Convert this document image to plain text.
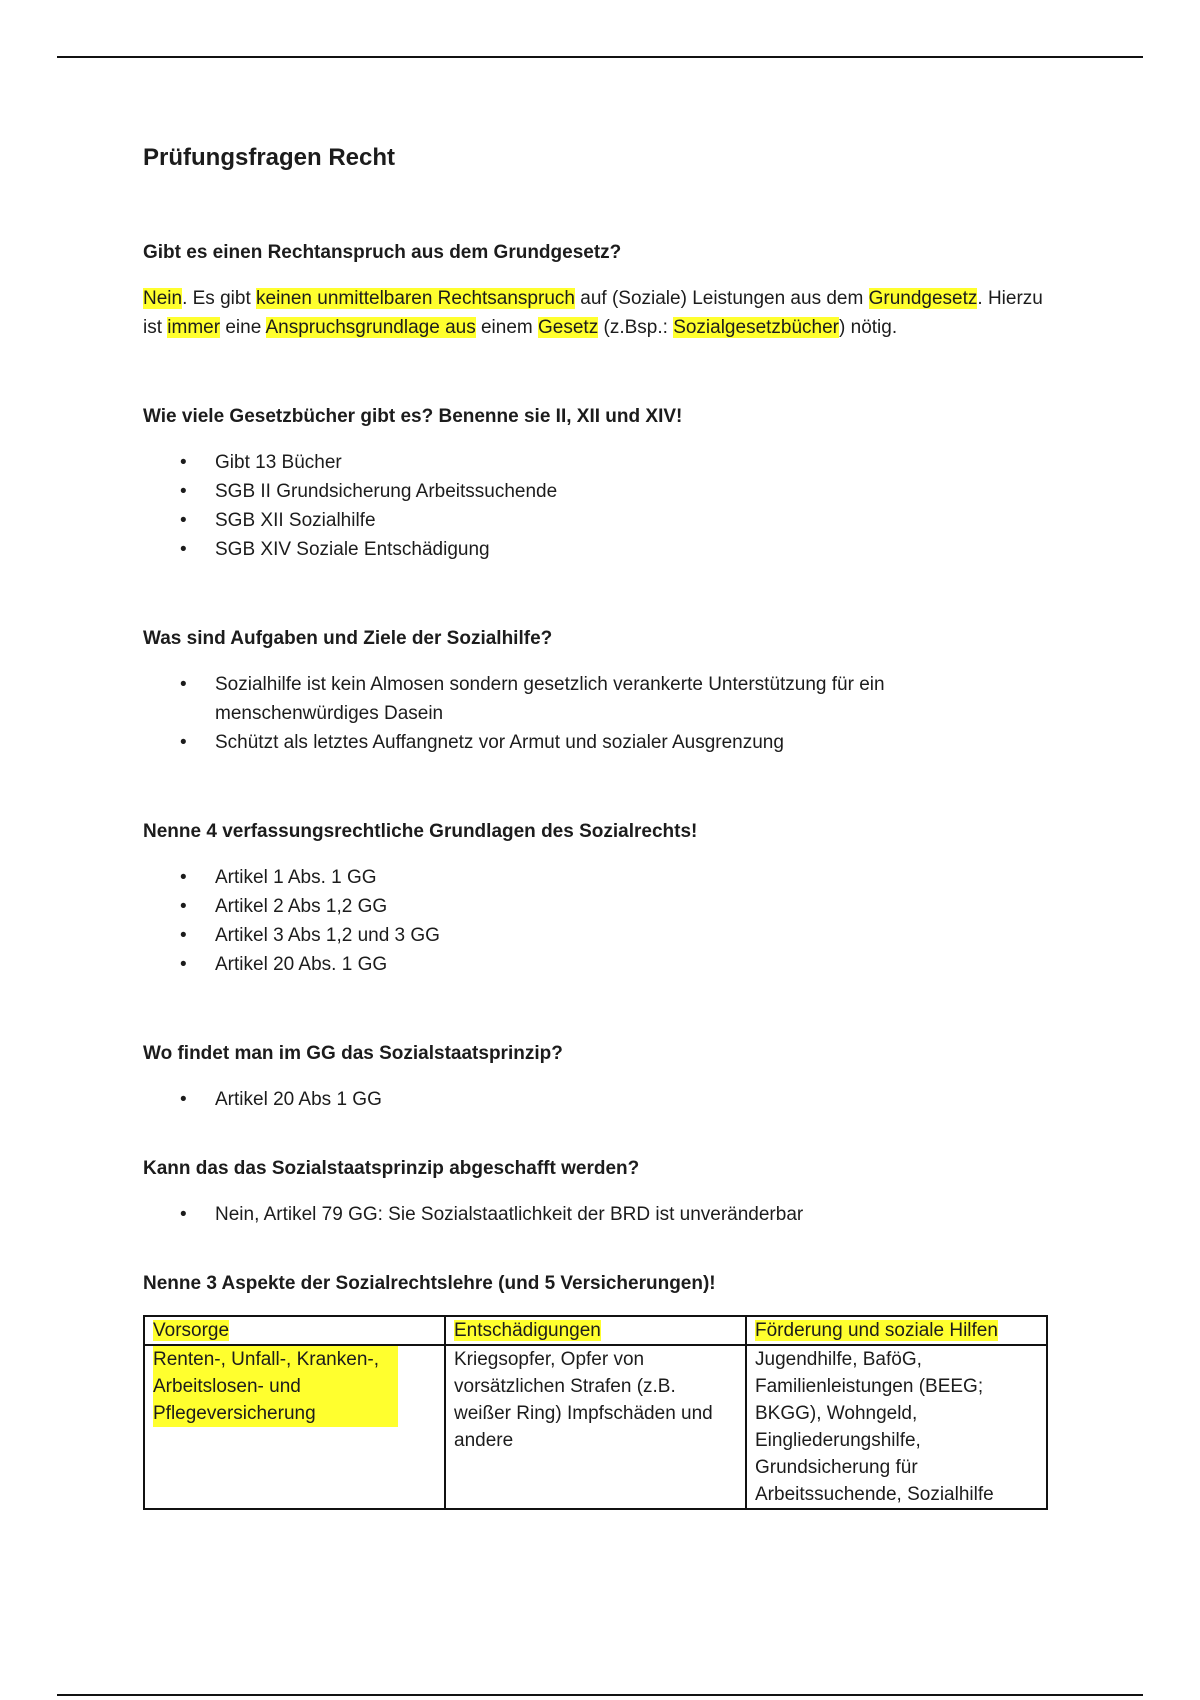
Prüfungsfragen Recht
Gibt es einen Rechtanspruch aus dem Grundgesetz?

Nein. Es gibt keinen unmittelbaren Rechtsanspruch auf (Soziale) Leistungen aus dem Grundgesetz. Hierzu ist immer eine Anspruchsgrundlage aus einem Gesetz (z.Bsp.: Sozialgesetzbücher) nötig.

Wie viele Gesetzbücher gibt es? Benenne sie II, XII und XIV!
• Gibt 13 Bücher
• SGB II Grundsicherung Arbeitssuchende
• SGB XII Sozialhilfe
• SGB XIV Soziale Entschädigung
Was sind Aufgaben und Ziele der Sozialhilfe?
• Sozialhilfe ist kein Almosen sondern gesetzlich verankerte Unterstützung für ein menschenwürdiges Dasein
• Schützt als letztes Auffangnetz vor Armut und sozialer Ausgrenzung
Nenne 4 verfassungsrechtliche Grundlagen des Sozialrechts!
• Artikel 1 Abs. 1 GG
• Artikel 2 Abs 1,2 GG
• Artikel 3 Abs 1,2 und 3 GG
• Artikel 20 Abs. 1 GG
Wo findet man im GG das Sozialstaatsprinzip?
• Artikel 20 Abs 1 GG
Kann das das Sozialstaatsprinzip abgeschafft werden?
• Nein, Artikel 79 GG: Sie Sozialstaatlichkeit der BRD ist unveränderbar
Nenne 3 Aspekte der Sozialrechtslehre (und 5 Versicherungen)!
Vorsorge	Entschädigungen	Förderung und soziale Hilfen
Renten-, Unfall-, Kranken-, Arbeitslosen- und Pflegeversicherung	Kriegsopfer, Opfer von vorsätzlichen Strafen (z.B. weißer Ring) Impfschäden und andere	Jugendhilfe, BaföG, Familienleistungen (BEEG; BKGG), Wohngeld, Eingliederungshilfe, Grundsicherung für Arbeitssuchende, Sozialhilfe
